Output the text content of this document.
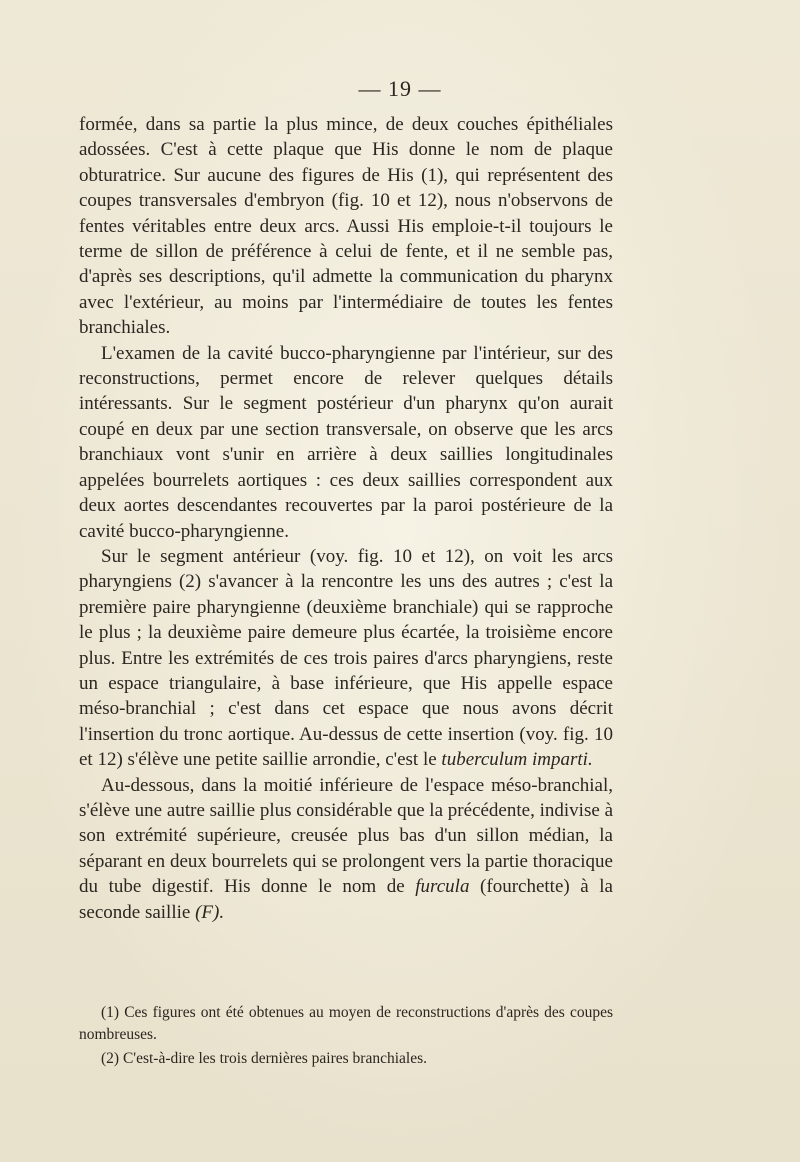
— 19 —

formée, dans sa partie la plus mince, de deux couches épithéliales adossées. C'est à cette plaque que His donne le nom de plaque obturatrice. Sur aucune des figures de His (1), qui représentent des coupes transversales d'embryon (fig. 10 et 12), nous n'observons de fentes véritables entre deux arcs. Aussi His emploie-t-il toujours le terme de sillon de préférence à celui de fente, et il ne semble pas, d'après ses descriptions, qu'il admette la communication du pharynx avec l'extérieur, au moins par l'intermédiaire de toutes les fentes branchiales.

L'examen de la cavité bucco-pharyngienne par l'intérieur, sur des reconstructions, permet encore de relever quelques détails intéressants. Sur le segment postérieur d'un pharynx qu'on aurait coupé en deux par une section transversale, on observe que les arcs branchiaux vont s'unir en arrière à deux saillies longitudinales appelées bourrelets aortiques : ces deux saillies correspondent aux deux aortes descendantes recouvertes par la paroi postérieure de la cavité bucco-pharyngienne.

Sur le segment antérieur (voy. fig. 10 et 12), on voit les arcs pharyngiens (2) s'avancer à la rencontre les uns des autres ; c'est la première paire pharyngienne (deuxième branchiale) qui se rapproche le plus ; la deuxième paire demeure plus écartée, la troisième encore plus. Entre les extrémités de ces trois paires d'arcs pharyngiens, reste un espace triangulaire, à base inférieure, que His appelle espace méso-branchial ; c'est dans cet espace que nous avons décrit l'insertion du tronc aortique. Au-dessus de cette insertion (voy. fig. 10 et 12) s'élève une petite saillie arrondie, c'est le tuberculum imparti.

Au-dessous, dans la moitié inférieure de l'espace méso-branchial, s'élève une autre saillie plus considérable que la précédente, indivise à son extrémité supérieure, creusée plus bas d'un sillon médian, la séparant en deux bourrelets qui se prolongent vers la partie thoracique du tube digestif. His donne le nom de furcula (fourchette) à la seconde saillie (F).

(1) Ces figures ont été obtenues au moyen de reconstructions d'après des coupes nombreuses.

(2) C'est-à-dire les trois dernières paires branchiales.
